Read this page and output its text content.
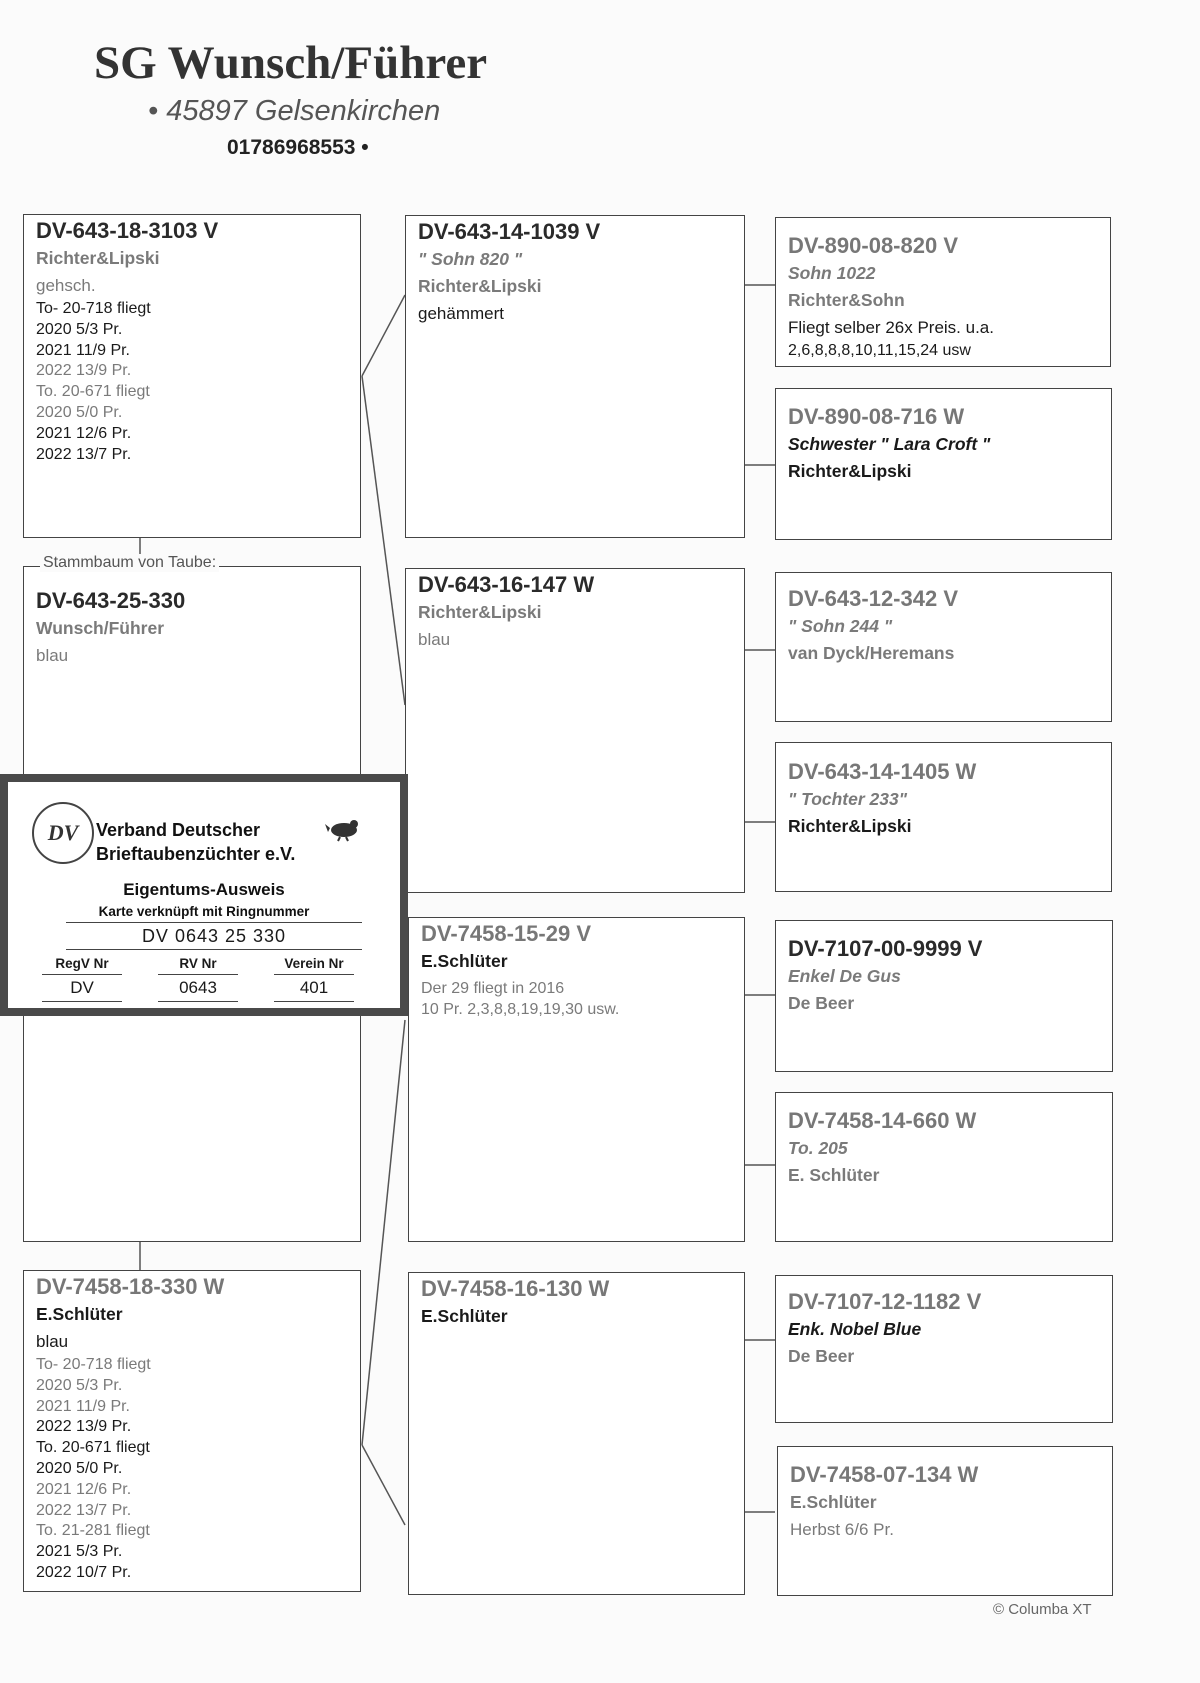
SG Wunsch/Führer
• 45897 Gelsenkirchen
01786968553 •
DV-643-18-3103 V
Richter&Lipski
gehsch.
To- 20-718 fliegt
2020 5/3 Pr.
2021 11/9 Pr.
2022 13/9 Pr.
To. 20-671 fliegt
2020 5/0 Pr.
2021 12/6 Pr.
2022 13/7 Pr.
DV-643-25-330
Wunsch/Führer
blau
Stammbaum von Taube:
DV-7458-18-330 W
E.Schlüter
blau
To- 20-718 fliegt
2020 5/3 Pr.
2021 11/9 Pr.
2022 13/9 Pr.
To. 20-671 fliegt
2020 5/0 Pr.
2021 12/6 Pr.
2022 13/7 Pr.
To. 21-281 fliegt
2021 5/3 Pr.
2022 10/7 Pr.
DV-643-14-1039 V
" Sohn 820 "
Richter&Lipski
gehämmert
DV-643-16-147 W
Richter&Lipski
blau
DV-7458-15-29 V
E.Schlüter
Der 29 fliegt in 2016
10 Pr. 2,3,8,8,19,19,30 usw.
DV-7458-16-130 W
E.Schlüter
DV-890-08-820 V
Sohn 1022
Richter&Sohn
Fliegt selber 26x Preis. u.a.
2,6,8,8,8,10,11,15,24 usw
DV-890-08-716 W
Schwester " Lara Croft "
Richter&Lipski
DV-643-12-342 V
" Sohn 244 "
van Dyck/Heremans
DV-643-14-1405 W
" Tochter 233"
Richter&Lipski
DV-7107-00-9999 V
Enkel De Gus
De Beer
DV-7458-14-660 W
To. 205
E. Schlüter
DV-7107-12-1182 V
Enk. Nobel Blue
De Beer
DV-7458-07-134 W
E.Schlüter
Herbst 6/6 Pr.
DV Verband Deutscher
Brieftaubenzüchter e.V.
Eigentums-Ausweis
Karte verknüpft mit Ringnummer
DV 0643 25 330
RegV Nr
DV
RV Nr
0643
Verein Nr
401
© Columba XT
